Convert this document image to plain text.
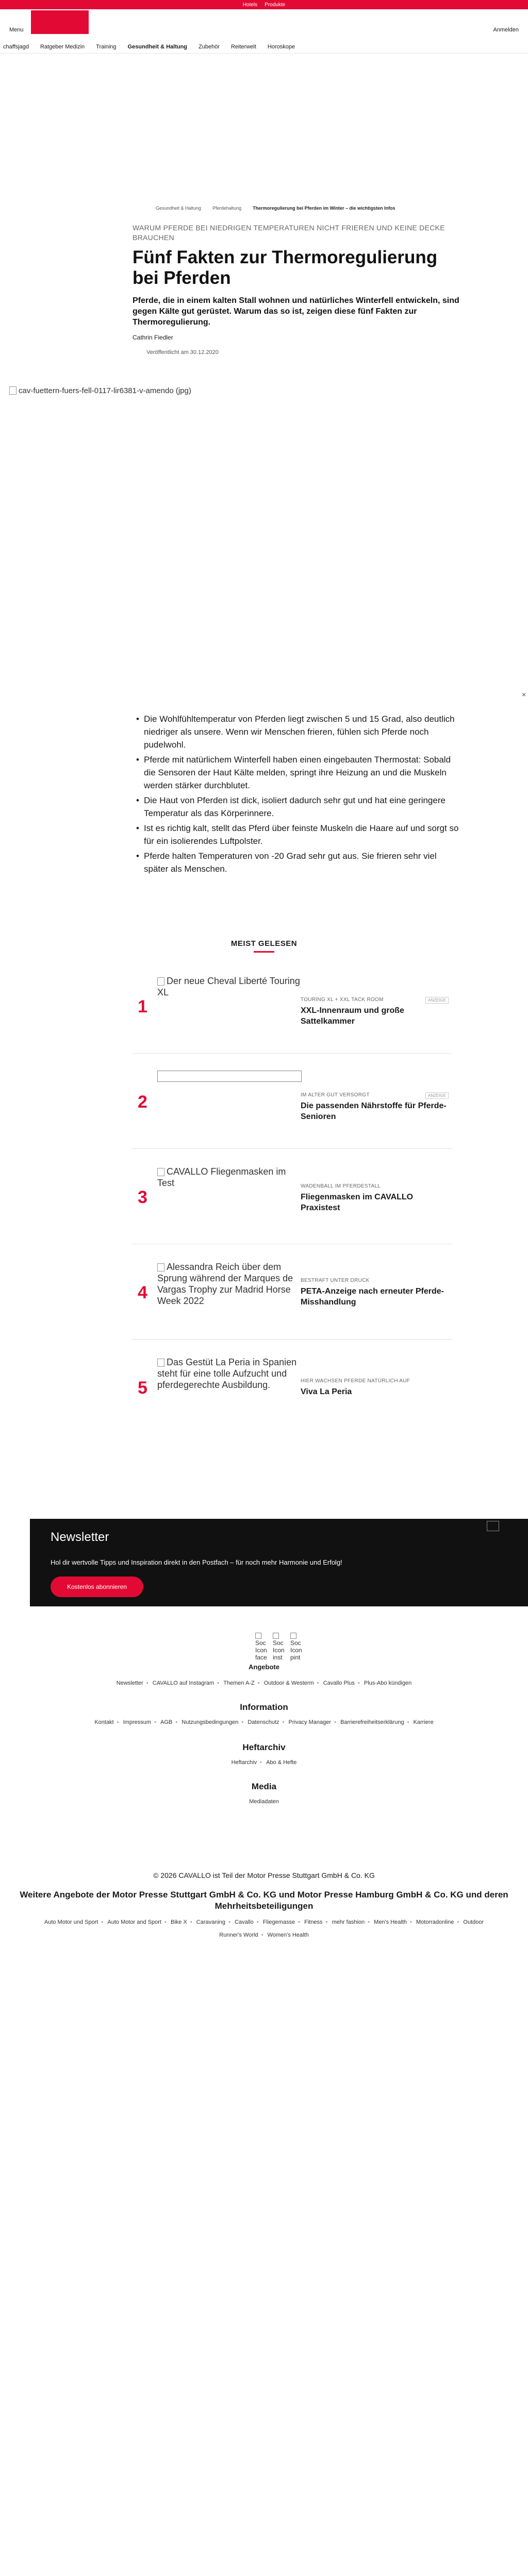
Hotels Produkte
Menu	Anmelden
chaffsjagd	Ratgeber Medizin	Training	Gesundheit & Haltung	Zubehör	Reiterwelt	Horoskope
Gesundheit & Haltung Pferdehaltung Thermoregulierung bei Pferden im Winter – die wichtigsten Infos
WARUM PFERDE BEI NIEDRIGEN TEMPERATUREN NICHT FRIEREN UND KEINE DECKE BRAUCHEN
Fünf Fakten zur Thermoregulierung bei Pferden

Pferde, die in einem kalten Stall wohnen und natürliches Winterfell entwickeln, sind gegen Kälte gut gerüstet. Warum das so ist, zeigen diese fünf Fakten zur Thermoregulierung.

Cathrin Fiedler
Veröffentlicht am 30.12.2020
cav-fuettern-fuers-fell-0117-lir6381-v-amendo (jpg)
×
• Die Wohlfühltemperatur von Pferden liegt zwischen 5 und 15 Grad, also deutlich niedriger als unsere. Wenn wir Menschen frieren, fühlen sich Pferde noch pudelwohl.
• Pferde mit natürlichem Winterfell haben einen eingebauten Thermostat: Sobald die Sensoren der Haut Kälte melden, springt ihre Heizung an und die Muskeln werden stärker durchblutet.
• Die Haut von Pferden ist dick, isoliert dadurch sehr gut und hat eine geringere Temperatur als das Körperinnere.
• Ist es richtig kalt, stellt das Pferd über feinste Muskeln die Haare auf und sorgt so für ein isolierendes Luftpolster.
• Pferde halten Temperaturen von -20 Grad sehr gut aus. Sie frieren sehr viel später als Menschen.
MEIST GELESEN
1
Der neue Cheval Liberté Touring XL
TOURING XL + XXL TACK ROOM	ANZEIGE
XXL-Innenraum und große Sattelkammer
2	IM ALTER GUT VERSORGT	ANZEIGE
Die passenden Nährstoffe für Pferde-Senioren
3
CAVALLO Fliegenmasken im Test	WADENBALL IM PFERDESTALL
Fliegenmasken im CAVALLO Praxistest
4
Alessandra Reich über dem Sprung während der Marques de Vargas Trophy zur Madrid Horse Week 2022
BESTRAFT UNTER DRUCK
PETA-Anzeige nach erneuter Pferde-Misshandlung
5
Das Gestüt La Peria in Spanien steht für eine tolle Aufzucht und pferdegerechte Ausbildung.	HIER WACHSEN PFERDE NATÜRLICH AUF
Viva La Peria
Newsletter
Hol dir wertvolle Tipps und Inspiration direkt in den Postfach – für noch mehr Harmonie und Erfolg!
Kostenlos abonnieren
Soc Icon face
Soc Icon inst
Soc Icon pint
Angebote
Newsletter	• CAVALLO auf Instagram	• Themen A-Z	• Outdoor & Westerm	• Cavallo Plus	• Plus-Abo kündigen
Information
Kontakt	• Impressum	• AGB	• Nutzungsbedingungen	• Datenschutz	• Privacy Manager	• Barrierefreiheitserklärung	• Karriere
Heftarchiv
Heftarchiv	• Abo & Hefte
Media
Mediadaten
© 2026 CAVALLO ist Teil der Motor Presse Stuttgart GmbH & Co. KG
Weitere Angebote der Motor Presse Stuttgart GmbH & Co. KG und Motor Presse Hamburg GmbH & Co. KG und deren Mehrheitsbeteiligungen
Auto Motor und Sport	• Auto Motor and Sport	• Bike X	• Caravaning	• Cavallo	• Fliegemasse	• Fitness	• mehr fashion	• Men's Health	• Motorradonline	• Outdoor
Runner's World	• Women's Health
